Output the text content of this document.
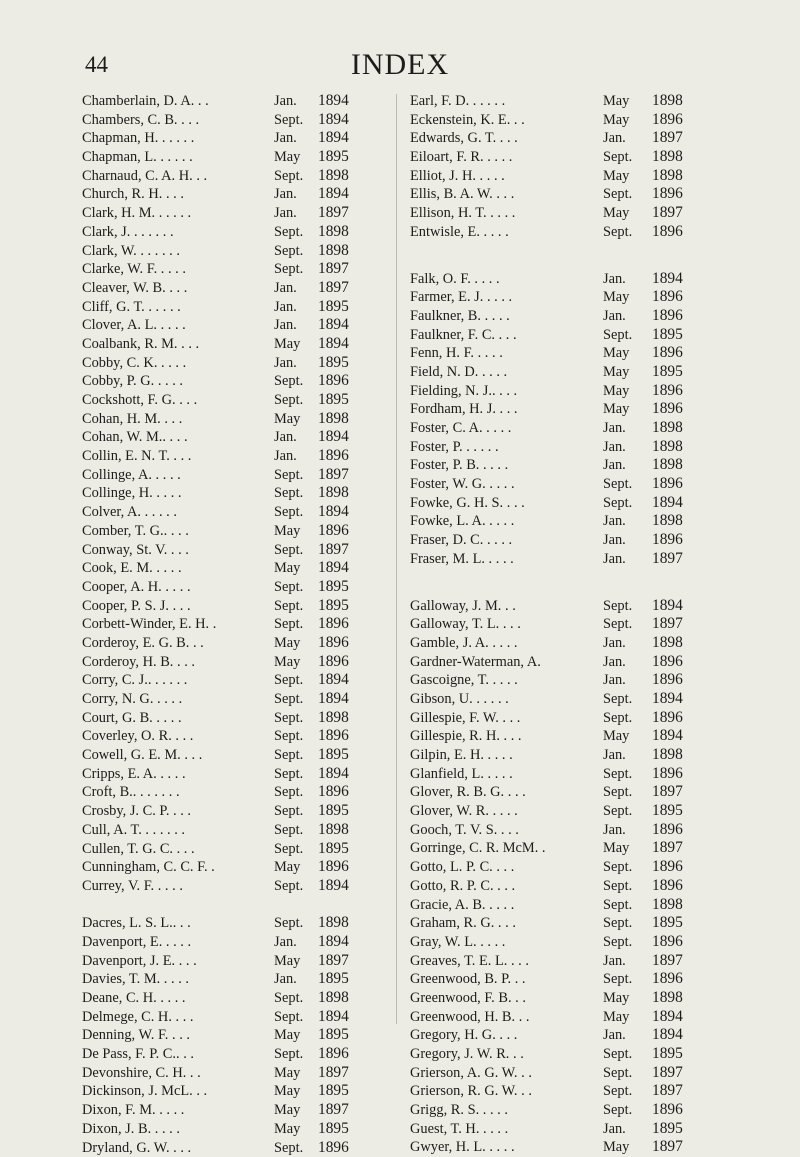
44	INDEX
Chamberlain, D. A. . .	Jan. 1894
Chambers, C. B. . . .	Sept. 1894
Chapman, H. . . . . .	Jan. 1894
Chapman, L. . . . . .	May 1895
Charnaud, C. A. H. . .	Sept. 1898
Church, R. H. . . .	Jan. 1894
Clark, H. M. . . . . .	Jan. 1897
Clark, J. . . . . . .	Sept. 1898
Clark, W. . . . . . .	Sept. 1898
Clarke, W. F. . . . .	Sept. 1897
Cleaver, W. B. . . .	Jan. 1897
Cliff, G. T. . . . . .	Jan. 1895
Clover, A. L. . . . .	Jan. 1894
Coalbank, R. M. . . .	May 1894
Cobby, C. K. . . . .	Jan. 1895
Cobby, P. G. . . . .	Sept. 1896
Cockshott, F. G. . . .	Sept. 1895
Cohan, H. M. . . .	May 1898
Cohan, W. M.. . . .	Jan. 1894
Collin, E. N. T. . . .	Jan. 1896
Collinge, A. . . . .	Sept. 1897
Collinge, H. . . . .	Sept. 1898
Colver, A. . . . . .	Sept. 1894
Comber, T. G.. . . .	May 1896
Conway, St. V. . . .	Sept. 1897
Cook, E. M. . . . .	May 1894
Cooper, A. H. . . . .	Sept. 1895
Cooper, P. S. J. . . .	Sept. 1895
Corbett-Winder, E. H. .	Sept. 1896
Corderoy, E. G. B. . .	May 1896
Corderoy, H. B. . . .	May 1896
Corry, C. J.. . . . . .	Sept. 1894
Corry, N. G. . . . .	Sept. 1894
Court, G. B. . . . .	Sept. 1898
Coverley, O. R. . . .	Sept. 1896
Cowell, G. E. M. . . .	Sept. 1895
Cripps, E. A. . . . .	Sept. 1894
Croft, B.. . . . . . .	Sept. 1896
Crosby, J. C. P. . . .	Sept. 1895
Cull, A. T. . . . . . .	Sept. 1898
Cullen, T. G. C. . . .	Sept. 1895
Cunningham, C. C. F. .	May 1896
Currey, V. F. . . . .	Sept. 1894
Dacres, L. S. L.. . .	Sept. 1898
Davenport, E. . . . .	Jan. 1894
Davenport, J. E. . . .	May 1897
Davies, T. M. . . . .	Jan. 1895
Deane, C. H. . . . .	Sept. 1898
Delmege, C. H. . . .	Sept. 1894
Denning, W. F. . . .	May 1895
De Pass, F. P. C.. . .	Sept. 1896
Devonshire, C. H. . .	May 1897
Dickinson, J. McL. . .	May 1895
Dixon, F. M. . . . .	May 1897
Dixon, J. B. . . . .	May 1895
Dryland, G. W. . . .	Sept. 1896
Earl, F. D. . . . . .	May 1898
Eckenstein, K. E. . .	May 1896
Edwards, G. T. . . .	Jan. 1897
Eiloart, F. R. . . . .	Sept. 1898
Elliot, J. H. . . . .	May 1898
Ellis, B. A. W. . . .	Sept. 1896
Ellison, H. T. . . . .	May 1897
Entwisle, E. . . . .	Sept. 1896
Falk, O. F. . . . .	Jan. 1894
Farmer, E. J. . . . .	May 1896
Faulkner, B. . . . .	Jan. 1896
Faulkner, F. C. . . .	Sept. 1895
Fenn, H. F. . . . .	May 1896
Field, N. D. . . . .	May 1895
Fielding, N. J.. . . .	May 1896
Fordham, H. J. . . .	May 1896
Foster, C. A. . . . .	Jan. 1898
Foster, P. . . . . .	Jan. 1898
Foster, P. B. . . . .	Jan. 1898
Foster, W. G. . . . .	Sept. 1896
Fowke, G. H. S. . . .	Sept. 1894
Fowke, L. A. . . . .	Jan. 1898
Fraser, D. C. . . . .	Jan. 1896
Fraser, M. L. . . . .	Jan. 1897
Galloway, J. M. . .	Sept. 1894
Galloway, T. L. . . .	Sept. 1897
Gamble, J. A. . . . .	Jan. 1898
Gardner-Waterman, A.	Jan. 1896
Gascoigne, T. . . . .	Jan. 1896
Gibson, U. . . . . .	Sept. 1894
Gillespie, F. W. . . .	Sept. 1896
Gillespie, R. H. . . .	May 1894
Gilpin, E. H. . . . .	Jan. 1898
Glanfield, L. . . . .	Sept. 1896
Glover, R. B. G. . . .	Sept. 1897
Glover, W. R. . . . .	Sept. 1895
Gooch, T. V. S. . . .	Jan. 1896
Gorringe, C. R. McM. .	May 1897
Gotto, L. P. C. . . .	Sept. 1896
Gotto, R. P. C. . . .	Sept. 1896
Gracie, A. B. . . . .	Sept. 1898
Graham, R. G. . . .	Sept. 1895
Gray, W. L. . . . .	Sept. 1896
Greaves, T. E. L. . . .	Jan. 1897
Greenwood, B. P. . .	Sept. 1896
Greenwood, F. B. . .	May 1898
Greenwood, H. B. . .	May 1894
Gregory, H. G. . . .	Jan. 1894
Gregory, J. W. R. . .	Sept. 1895
Grierson, A. G. W. . .	Sept. 1897
Grierson, R. G. W. . .	Sept. 1897
Grigg, R. S. . . . .	Sept. 1896
Guest, T. H. . . . .	Jan. 1895
Gwyer, H. L. . . . .	May 1897
